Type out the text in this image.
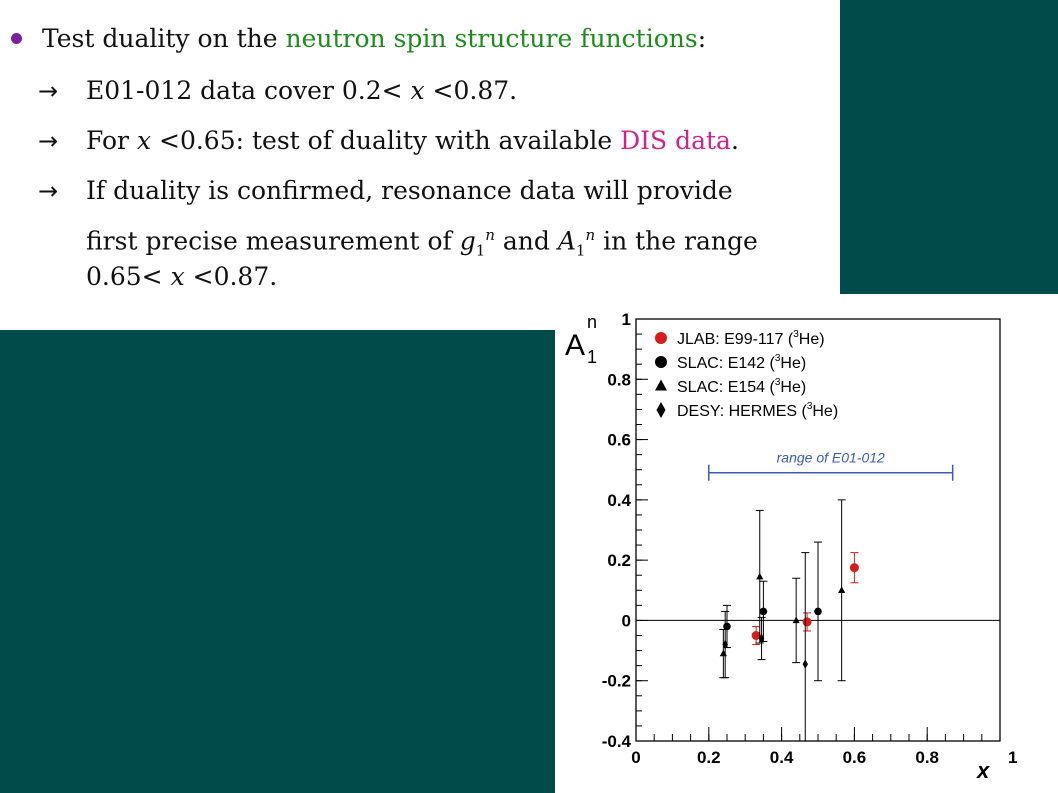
Test duality on the neutron spin structure functions:
→ E01-012 data cover 0.2< x <0.87.
→ For x <0.65: test of duality with available DIS data.
→ If duality is confirmed, resonance data will provide
first precise measurement of $g_1^n$ and $A_1^n$ in the range
0.65< x <0.87.
A 1
n
x
0	0.2	0.4	0.6	0.8	1
-0.4
-0.2
0
0.2
0.4
0.6
0.8
1
range of E01-012
JLAB: E99-117 ($^3$He)
SLAC: E142 ($^3$He)
SLAC: E154 ($^3$He)
DESY: HERMES ($^3$He)
